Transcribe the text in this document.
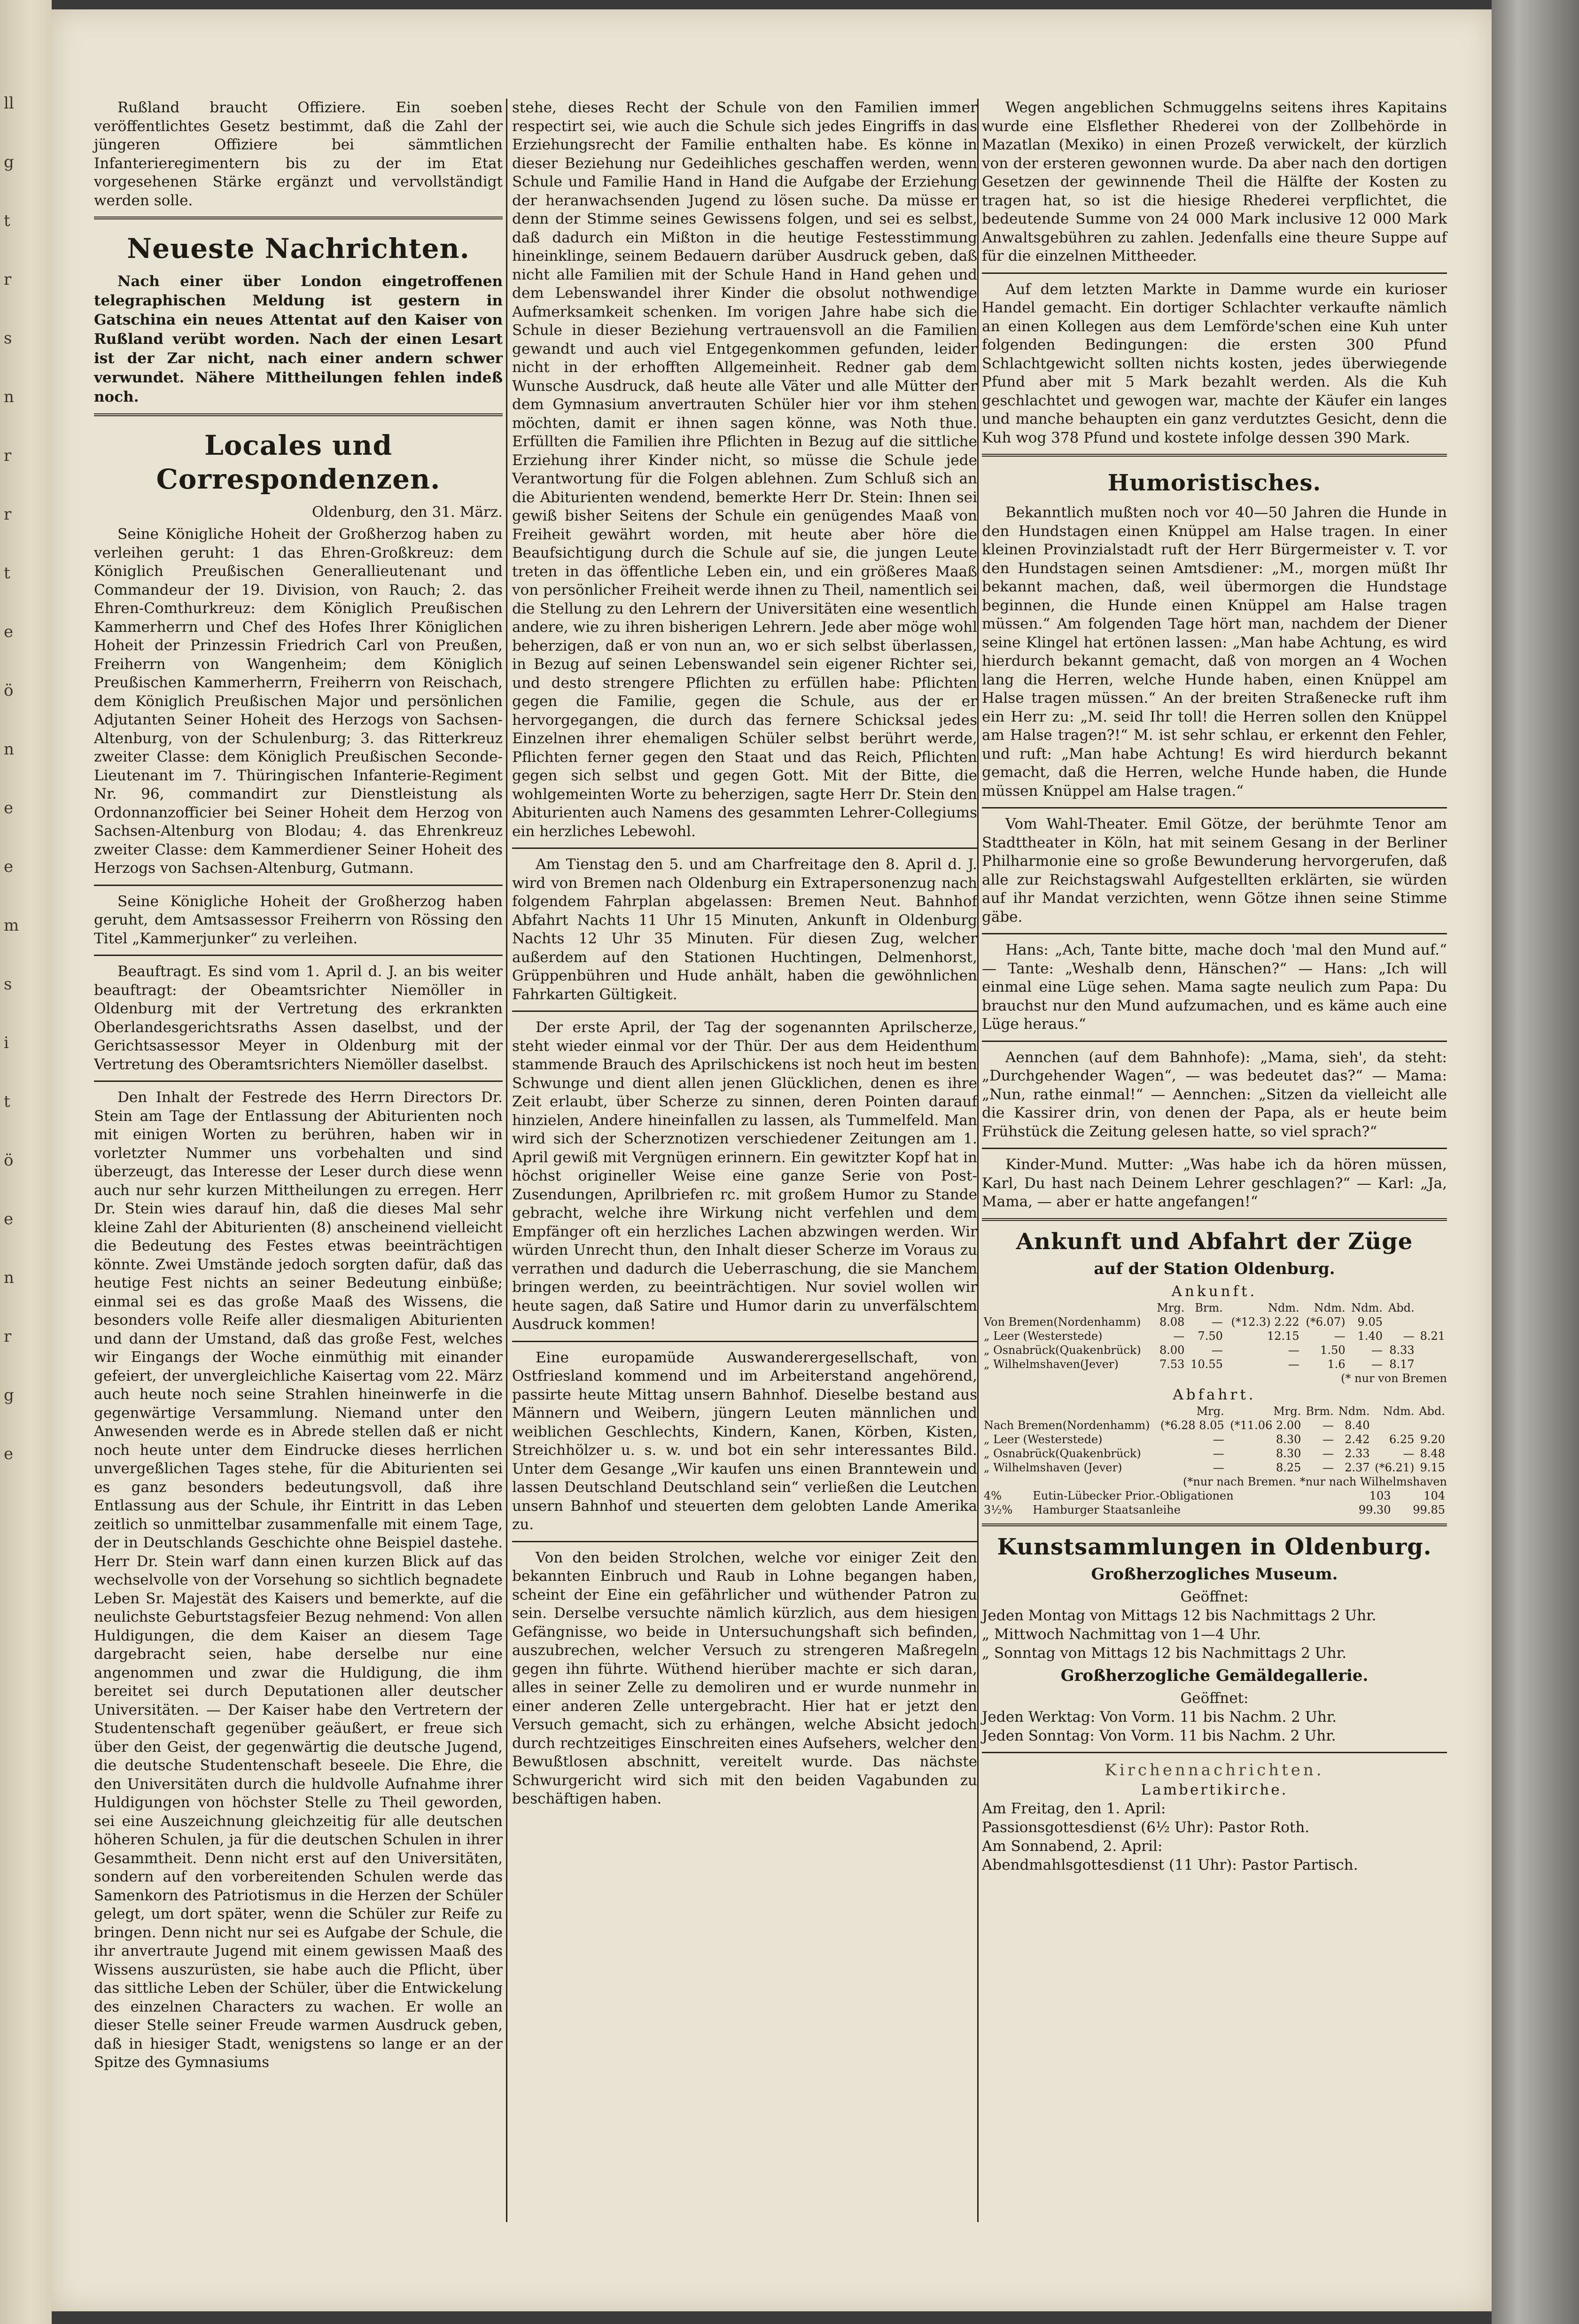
ll
g
t
r
s
n
r
r
t
e
ö
n
e
e
m
s
i
t
ö
e
n
r
g
e

Rußland braucht Offiziere. Ein soeben veröffentlichtes Gesetz bestimmt, daß die Zahl der jüngeren Offiziere bei sämmtlichen Infanterieregimentern bis zu der im Etat vorgesehenen Stärke ergänzt und vervollständigt werden solle.

Neueste Nachrichten.

Nach einer über London eingetroffenen telegraphischen Meldung ist gestern in Gatschina ein neues Attentat auf den Kaiser von Rußland verübt worden. Nach der einen Lesart ist der Zar nicht, nach einer andern schwer verwundet. Nähere Mittheilungen fehlen indeß noch.

Locales und Correspondenzen.
Oldenburg, den 31. März.

Seine Königliche Hoheit der Großherzog haben zu verleihen geruht: 1 das Ehren-Großkreuz: dem Königlich Preußischen Generallieutenant und Commandeur der 19. Division, von Rauch; 2. das Ehren-Comthurkreuz: dem Königlich Preußischen Kammerherrn und Chef des Hofes Ihrer Königlichen Hoheit der Prinzessin Friedrich Carl von Preußen, Freiherrn von Wangenheim; dem Königlich Preußischen Kammerherrn, Freiherrn von Reischach, dem Königlich Preußischen Major und persönlichen Adjutanten Seiner Hoheit des Herzogs von Sachsen-Altenburg, von der Schulenburg; 3. das Ritterkreuz zweiter Classe: dem Königlich Preußischen Seconde-Lieutenant im 7. Thüringischen Infanterie-Regiment Nr. 96, commandirt zur Dienstleistung als Ordonnanzofficier bei Seiner Hoheit dem Herzog von Sachsen-Altenburg von Blodau; 4. das Ehrenkreuz zweiter Classe: dem Kammerdiener Seiner Hoheit des Herzogs von Sachsen-Altenburg, Gutmann.

Seine Königliche Hoheit der Großherzog haben geruht, dem Amtsassessor Freiherrn von Rössing den Titel „Kammerjunker“ zu verleihen.

Beauftragt. Es sind vom 1. April d. J. an bis weiter beauftragt: der Obeamtsrichter Niemöller in Oldenburg mit der Vertretung des erkrankten Oberlandesgerichtsraths Assen daselbst, und der Gerichtsassessor Meyer in Oldenburg mit der Vertretung des Oberamtsrichters Niemöller daselbst.

Den Inhalt der Festrede des Herrn Directors Dr. Stein am Tage der Entlassung der Abiturienten noch mit einigen Worten zu berühren, haben wir in vorletzter Nummer uns vorbehalten und sind überzeugt, das Interesse der Leser durch diese wenn auch nur sehr kurzen Mittheilungen zu erregen. Herr Dr. Stein wies darauf hin, daß die dieses Mal sehr kleine Zahl der Abiturienten (8) anscheinend vielleicht die Bedeutung des Festes etwas beeinträchtigen könnte. Zwei Umstände jedoch sorgten dafür, daß das heutige Fest nichts an seiner Bedeutung einbüße; einmal sei es das große Maaß des Wissens, die besonders volle Reife aller diesmaligen Abiturienten und dann der Umstand, daß das große Fest, welches wir Eingangs der Woche einmüthig mit einander gefeiert, der unvergleichliche Kaisertag vom 22. März auch heute noch seine Strahlen hineinwerfe in die gegenwärtige Versammlung. Niemand unter den Anwesenden werde es in Abrede stellen daß er nicht noch heute unter dem Eindrucke dieses herrlichen unvergeßlichen Tages stehe, für die Abiturienten sei es ganz besonders bedeutungsvoll, daß ihre Entlassung aus der Schule, ihr Eintritt in das Leben zeitlich so unmittelbar zusammenfalle mit einem Tage, der in Deutschlands Geschichte ohne Beispiel dastehe. Herr Dr. Stein warf dann einen kurzen Blick auf das wechselvolle von der Vorsehung so sichtlich begnadete Leben Sr. Majestät des Kaisers und bemerkte, auf die neulichste Geburtstagsfeier Bezug nehmend: Von allen Huldigungen, die dem Kaiser an diesem Tage dargebracht seien, habe derselbe nur eine angenommen und zwar die Huldigung, die ihm bereitet sei durch Deputationen aller deutscher Universitäten. — Der Kaiser habe den Vertretern der Studentenschaft gegenüber geäußert, er freue sich über den Geist, der gegenwärtig die deutsche Jugend, die deutsche Studentenschaft beseele. Die Ehre, die den Universitäten durch die huldvolle Aufnahme ihrer Huldigungen von höchster Stelle zu Theil geworden, sei eine Auszeichnung gleichzeitig für alle deutschen höheren Schulen, ja für die deutschen Schulen in ihrer Gesammtheit. Denn nicht erst auf den Universitäten, sondern auf den vorbereitenden Schulen werde das Samenkorn des Patriotismus in die Herzen der Schüler gelegt, um dort später, wenn die Schüler zur Reife zu bringen. Denn nicht nur sei es Aufgabe der Schule, die ihr anvertraute Jugend mit einem gewissen Maaß des Wissens auszurüsten, sie habe auch die Pflicht, über das sittliche Leben der Schüler, über die Entwickelung des einzelnen Characters zu wachen. Er wolle an dieser Stelle seiner Freude warmen Ausdruck geben, daß in hiesiger Stadt, wenigstens so lange er an der Spitze des Gymnasiums

stehe, dieses Recht der Schule von den Familien immer respectirt sei, wie auch die Schule sich jedes Eingriffs in das Erziehungsrecht der Familie enthalten habe. Es könne in dieser Beziehung nur Gedeihliches geschaffen werden, wenn Schule und Familie Hand in Hand die Aufgabe der Erziehung der heranwachsenden Jugend zu lösen suche. Da müsse er denn der Stimme seines Gewissens folgen, und sei es selbst, daß dadurch ein Mißton in die heutige Festesstimmung hineinklinge, seinem Bedauern darüber Ausdruck geben, daß nicht alle Familien mit der Schule Hand in Hand gehen und dem Lebenswandel ihrer Kinder die obsolut nothwendige Aufmerksamkeit schenken. Im vorigen Jahre habe sich die Schule in dieser Beziehung vertrauensvoll an die Familien gewandt und auch viel Entgegenkommen gefunden, leider nicht in der erhofften Allgemeinheit. Redner gab dem Wunsche Ausdruck, daß heute alle Väter und alle Mütter der dem Gymnasium anvertrauten Schüler hier vor ihm stehen möchten, damit er ihnen sagen könne, was Noth thue. Erfüllten die Familien ihre Pflichten in Bezug auf die sittliche Erziehung ihrer Kinder nicht, so müsse die Schule jede Verantwortung für die Folgen ablehnen. Zum Schluß sich an die Abiturienten wendend, bemerkte Herr Dr. Stein: Ihnen sei gewiß bisher Seitens der Schule ein genügendes Maaß von Freiheit gewährt worden, mit heute aber höre die Beaufsichtigung durch die Schule auf sie, die jungen Leute treten in das öffentliche Leben ein, und ein größeres Maaß von persönlicher Freiheit werde ihnen zu Theil, namentlich sei die Stellung zu den Lehrern der Universitäten eine wesentlich andere, wie zu ihren bisherigen Lehrern. Jede aber möge wohl beherzigen, daß er von nun an, wo er sich selbst überlassen, in Bezug auf seinen Lebenswandel sein eigener Richter sei, und desto strengere Pflichten zu erfüllen habe: Pflichten gegen die Familie, gegen die Schule, aus der er hervorgegangen, die durch das fernere Schicksal jedes Einzelnen ihrer ehemaligen Schüler selbst berührt werde, Pflichten ferner gegen den Staat und das Reich, Pflichten gegen sich selbst und gegen Gott. Mit der Bitte, die wohlgemeinten Worte zu beherzigen, sagte Herr Dr. Stein den Abiturienten auch Namens des gesammten Lehrer-Collegiums ein herzliches Lebewohl.

Am Tienstag den 5. und am Charfreitage den 8. April d. J. wird von Bremen nach Oldenburg ein Extrapersonenzug nach folgendem Fahrplan abgelassen: Bremen Neut. Bahnhof Abfahrt Nachts 11 Uhr 15 Minuten, Ankunft in Oldenburg Nachts 12 Uhr 35 Minuten. Für diesen Zug, welcher außerdem auf den Stationen Huchtingen, Delmenhorst, Grüppenbühren und Hude anhält, haben die gewöhnlichen Fahrkarten Gültigkeit.

Der erste April, der Tag der sogenannten Aprilscherze, steht wieder einmal vor der Thür. Der aus dem Heidenthum stammende Brauch des Aprilschickens ist noch heut im besten Schwunge und dient allen jenen Glücklichen, denen es ihre Zeit erlaubt, über Scherze zu sinnen, deren Pointen darauf hinzielen, Andere hineinfallen zu lassen, als Tummelfeld. Man wird sich der Scherznotizen verschiedener Zeitungen am 1. April gewiß mit Vergnügen erinnern. Ein gewitzter Kopf hat in höchst origineller Weise eine ganze Serie von Post-Zusendungen, Aprilbriefen rc. mit großem Humor zu Stande gebracht, welche ihre Wirkung nicht verfehlen und dem Empfänger oft ein herzliches Lachen abzwingen werden. Wir würden Unrecht thun, den Inhalt dieser Scherze im Voraus zu verrathen und dadurch die Ueberraschung, die sie Manchem bringen werden, zu beeinträchtigen. Nur soviel wollen wir heute sagen, daß Satire und Humor darin zu unverfälschtem Ausdruck kommen!

Eine europamüde Auswanderergesellschaft, von Ostfriesland kommend und im Arbeiterstand angehörend, passirte heute Mittag unsern Bahnhof. Dieselbe bestand aus Männern und Weibern, jüngern Leuten männlichen und weiblichen Geschlechts, Kindern, Kanen, Körben, Kisten, Streichhölzer u. s. w. und bot ein sehr interessantes Bild. Unter dem Gesange „Wir kaufen uns einen Branntewein und lassen Deutschland Deutschland sein“ verließen die Leutchen unsern Bahnhof und steuerten dem gelobten Lande Amerika zu.

Von den beiden Strolchen, welche vor einiger Zeit den bekannten Einbruch und Raub in Lohne begangen haben, scheint der Eine ein gefährlicher und wüthender Patron zu sein. Derselbe versuchte nämlich kürzlich, aus dem hiesigen Gefängnisse, wo beide in Untersuchungshaft sich befinden, auszubrechen, welcher Versuch zu strengeren Maßregeln gegen ihn führte. Wüthend hierüber machte er sich daran, alles in seiner Zelle zu demoliren und er wurde nunmehr in einer anderen Zelle untergebracht. Hier hat er jetzt den Versuch gemacht, sich zu erhängen, welche Absicht jedoch durch rechtzeitiges Einschreiten eines Aufsehers, welcher den Bewußtlosen abschnitt, vereitelt wurde. Das nächste Schwurgericht wird sich mit den beiden Vagabunden zu beschäftigen haben.

Wegen angeblichen Schmuggelns seitens ihres Kapitains wurde eine Elsflether Rhederei von der Zollbehörde in Mazatlan (Mexiko) in einen Prozeß verwickelt, der kürzlich von der ersteren gewonnen wurde. Da aber nach den dortigen Gesetzen der gewinnende Theil die Hälfte der Kosten zu tragen hat, so ist die hiesige Rhederei verpflichtet, die bedeutende Summe von 24 000 Mark inclusive 12 000 Mark Anwaltsgebühren zu zahlen. Jedenfalls eine theure Suppe auf für die einzelnen Mittheeder.

Auf dem letzten Markte in Damme wurde ein kurioser Handel gemacht. Ein dortiger Schlachter verkaufte nämlich an einen Kollegen aus dem Lemförde'schen eine Kuh unter folgenden Bedingungen: die ersten 300 Pfund Schlachtgewicht sollten nichts kosten, jedes überwiegende Pfund aber mit 5 Mark bezahlt werden. Als die Kuh geschlachtet und gewogen war, machte der Käufer ein langes und manche behaupten ein ganz verdutztes Gesicht, denn die Kuh wog 378 Pfund und kostete infolge dessen 390 Mark.

Humoristisches.

Bekanntlich mußten noch vor 40—50 Jahren die Hunde in den Hundstagen einen Knüppel am Halse tragen. In einer kleinen Provinzialstadt ruft der Herr Bürgermeister v. T. vor den Hundstagen seinen Amtsdiener: „M., morgen müßt Ihr bekannt machen, daß, weil übermorgen die Hundstage beginnen, die Hunde einen Knüppel am Halse tragen müssen.“ Am folgenden Tage hört man, nachdem der Diener seine Klingel hat ertönen lassen: „Man habe Achtung, es wird hierdurch bekannt gemacht, daß von morgen an 4 Wochen lang die Herren, welche Hunde haben, einen Knüppel am Halse tragen müssen.“ An der breiten Straßenecke ruft ihm ein Herr zu: „M. seid Ihr toll! die Herren sollen den Knüppel am Halse tragen?!“ M. ist sehr schlau, er erkennt den Fehler, und ruft: „Man habe Achtung! Es wird hierdurch bekannt gemacht, daß die Herren, welche Hunde haben, die Hunde müssen Knüppel am Halse tragen.“

Vom Wahl-Theater. Emil Götze, der berühmte Tenor am Stadttheater in Köln, hat mit seinem Gesang in der Berliner Philharmonie eine so große Bewunderung hervorgerufen, daß alle zur Reichstagswahl Aufgestellten erklärten, sie würden auf ihr Mandat verzichten, wenn Götze ihnen seine Stimme gäbe.

Hans: „Ach, Tante bitte, mache doch 'mal den Mund auf.“ — Tante: „Weshalb denn, Hänschen?“ — Hans: „Ich will einmal eine Lüge sehen. Mama sagte neulich zum Papa: Du brauchst nur den Mund aufzumachen, und es käme auch eine Lüge heraus.“

Aennchen (auf dem Bahnhofe): „Mama, sieh', da steht: „Durchgehender Wagen“, — was bedeutet das?“ — Mama: „Nun, rathe einmal!“ — Aennchen: „Sitzen da vielleicht alle die Kassirer drin, von denen der Papa, als er heute beim Frühstück die Zeitung gelesen hatte, so viel sprach?“

Kinder-Mund. Mutter: „Was habe ich da hören müssen, Karl, Du hast nach Deinem Lehrer geschlagen?“ — Karl: „Ja, Mama, — aber er hatte angefangen!“

Ankunft und Abfahrt der Züge
auf der Station Oldenburg.
Ankunft.
	Mrg.	Brm.	Ndm.	Ndm.	Ndm.	Abd.	
Von Bremen(Nordenhamm)	8.08	—	(*12.3) 2.22	(*6.07)	9.05		
„ Leer (Westerstede)	—	7.50	12.15	—	1.40	—	8.21
„ Osnabrück(Quakenbrück)	8.00	—	—	1.50	—	8.33	
„ Wilhelmshaven(Jever)	7.53	10.55	—	1.6	—	8.17	
(* nur von Bremen
Abfahrt.
	Mrg.	Mrg.	Brm.	Ndm.	Ndm.	Abd.
Nach Bremen(Nordenhamm)	(*6.28 8.05	(*11.06 2.00	—	8.40		
„ Leer (Westerstede)	—	8.30	—	2.42	6.25	9.20
„ Osnabrück(Quakenbrück)	—	8.30	—	2.33	—	8.48
„ Wilhelmshaven (Jever)	—	8.25	—	2.37	(*6.21)	9.15
(*nur nach Bremen. *nur nach Wilhelmshaven
4%	Eutin-Lübecker Prior.-Obligationen	103	104
3½%	Hamburger Staatsanleihe	99.30	99.85
Kunstsammlungen in Oldenburg.
Großherzogliches Museum.
Geöffnet:
Jeden Montag von Mittags 12 bis Nachmittags 2 Uhr.
„ Mittwoch Nachmittag von 1—4 Uhr.
„ Sonntag von Mittags 12 bis Nachmittags 2 Uhr.
Großherzogliche Gemäldegallerie.
Geöffnet:
Jeden Werktag: Von Vorm. 11 bis Nachm. 2 Uhr.
Jeden Sonntag: Von Vorm. 11 bis Nachm. 2 Uhr.
Kirchennachrichten.
Lambertikirche.
Am Freitag, den 1. April:
Passionsgottesdienst (6½ Uhr): Pastor Roth.
Am Sonnabend, 2. April:
Abendmahlsgottesdienst (11 Uhr): Pastor Partisch.
